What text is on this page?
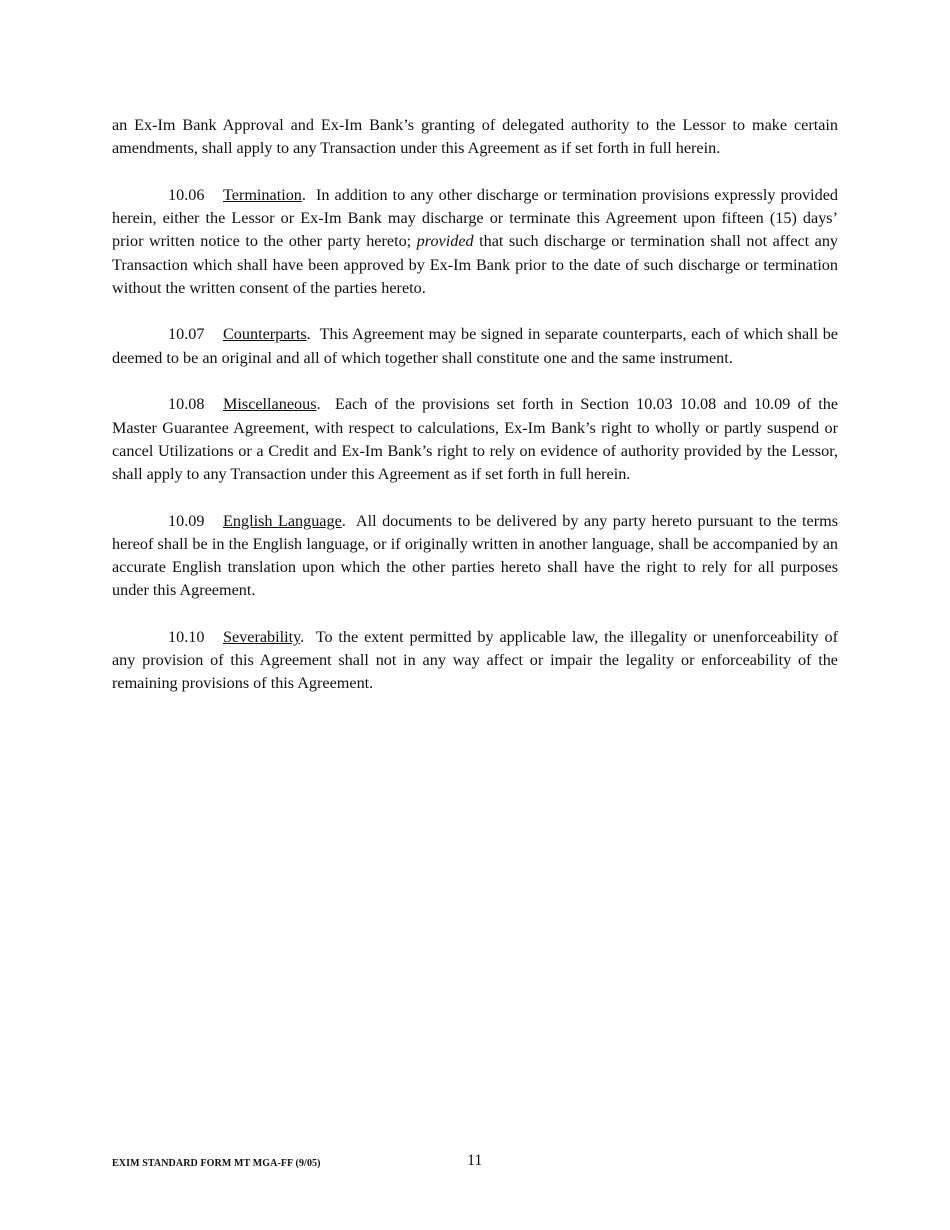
an Ex-Im Bank Approval and Ex-Im Bank’s granting of delegated authority to the Lessor to make certain amendments, shall apply to any Transaction under this Agreement as if set forth in full herein.

10.06 Termination. In addition to any other discharge or termination provisions expressly provided herein, either the Lessor or Ex-Im Bank may discharge or terminate this Agreement upon fifteen (15) days’ prior written notice to the other party hereto; provided that such discharge or termination shall not affect any Transaction which shall have been approved by Ex-Im Bank prior to the date of such discharge or termination without the written consent of the parties hereto.

10.07 Counterparts. This Agreement may be signed in separate counterparts, each of which shall be deemed to be an original and all of which together shall constitute one and the same instrument.

10.08 Miscellaneous. Each of the provisions set forth in Section 10.03 10.08 and 10.09 of the Master Guarantee Agreement, with respect to calculations, Ex-Im Bank’s right to wholly or partly suspend or cancel Utilizations or a Credit and Ex-Im Bank’s right to rely on evidence of authority provided by the Lessor, shall apply to any Transaction under this Agreement as if set forth in full herein.

10.09 English Language. All documents to be delivered by any party hereto pursuant to the terms hereof shall be in the English language, or if originally written in another language, shall be accompanied by an accurate English translation upon which the other parties hereto shall have the right to rely for all purposes under this Agreement.

10.10 Severability. To the extent permitted by applicable law, the illegality or unenforceability of any provision of this Agreement shall not in any way affect or impair the legality or enforceability of the remaining provisions of this Agreement.

EXIM STANDARD FORM MT MGA-FF (9/05)	11
